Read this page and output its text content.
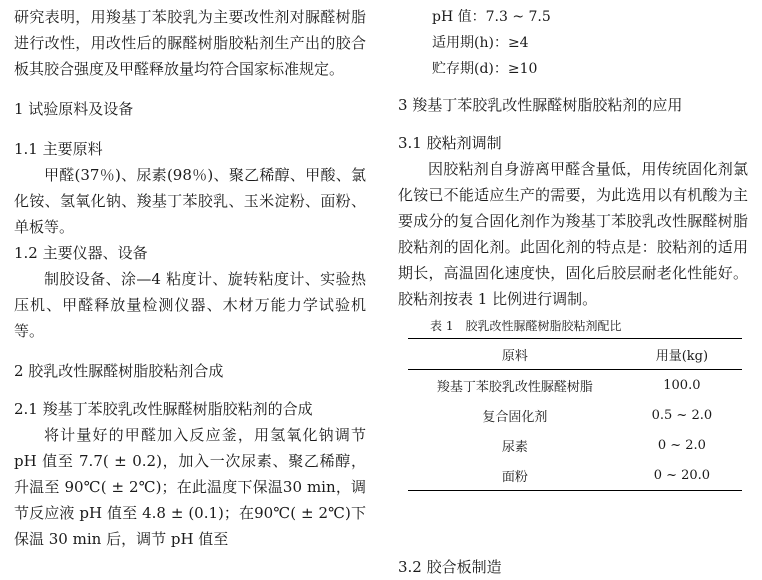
研究表明，用羧基丁苯胶乳为主要改性剂对脲醛树脂进行改性，用改性后的脲醛树脂胶粘剂生产出的胶合板其胶合强度及甲醛释放量均符合国家标准规定。

1 试验原料及设备

1.1 主要原料

甲醛(37％)、尿素(98％)、聚乙稀醇、甲酸、氯化铵、氢氧化钠、羧基丁苯胶乳、玉米淀粉、面粉、单板等。

1.2 主要仪器、设备

制胶设备、涂—4 粘度计、旋转粘度计、实验热压机、甲醛释放量检测仪器、木材万能力学试验机等。

2 胶乳改性脲醛树脂胶粘剂合成

2.1 羧基丁苯胶乳改性脲醛树脂胶粘剂的合成

将计量好的甲醛加入反应釜，用氢氧化钠调节 pH 值至 7.7( ± 0.2)，加入一次尿素、聚乙稀醇，升温至 90℃( ± 2℃)；在此温度下保温30 min，调节反应液 pH 值至 4.8 ± (0.1)；在90℃( ± 2℃)下保温 30 min 后，调节 pH 值至

pH 值：7.3 ~ 7.5

适用期(h)：≥4

贮存期(d)：≥10

3 羧基丁苯胶乳改性脲醛树脂胶粘剂的应用

3.1 胶粘剂调制

因胶粘剂自身游离甲醛含量低，用传统固化剂氯化铵已不能适应生产的需要，为此选用以有机酸为主要成分的复合固化剂作为羧基丁苯胶乳改性脲醛树脂胶粘剂的固化剂。此固化剂的特点是：胶粘剂的适用期长，高温固化速度快，固化后胶层耐老化性能好。胶粘剂按表 1 比例进行调制。

表 1　胶乳改性脲醛树脂胶粘剂配比

原料	用量(kg)
羧基丁苯胶乳改性脲醛树脂	100.0
复合固化剂	0.5 ~ 2.0
尿素	0 ~ 2.0
面粉	0 ~ 20.0

3.2 胶合板制造
